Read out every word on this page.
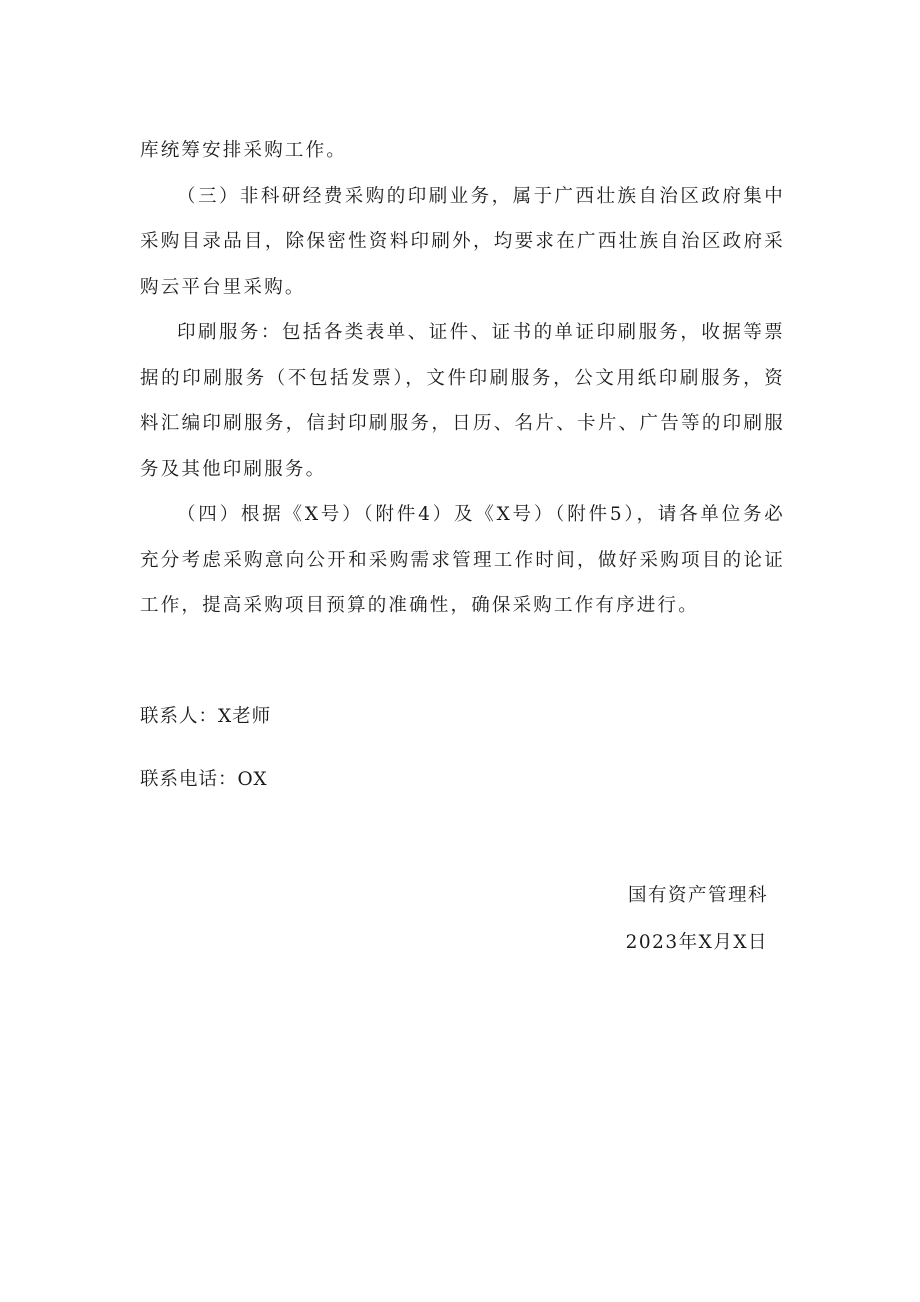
库统筹安排采购工作。

（三）非科研经费采购的印刷业务，属于广西壮族自治区政府集中采购目录品目，除保密性资料印刷外，均要求在广西壮族自治区政府采购云平台里采购。

印刷服务：包括各类表单、证件、证书的单证印刷服务，收据等票据的印刷服务（不包括发票），文件印刷服务，公文用纸印刷服务，资料汇编印刷服务，信封印刷服务，日历、名片、卡片、广告等的印刷服务及其他印刷服务。

（四）根据《X号）（附件4）及《X号）（附件5），请各单位务必充分考虑采购意向公开和采购需求管理工作时间，做好采购项目的论证工作，提高采购项目预算的准确性，确保采购工作有序进行。

联系人：X老师
联系电话：OX
国有资产管理科
2023年X月X日
